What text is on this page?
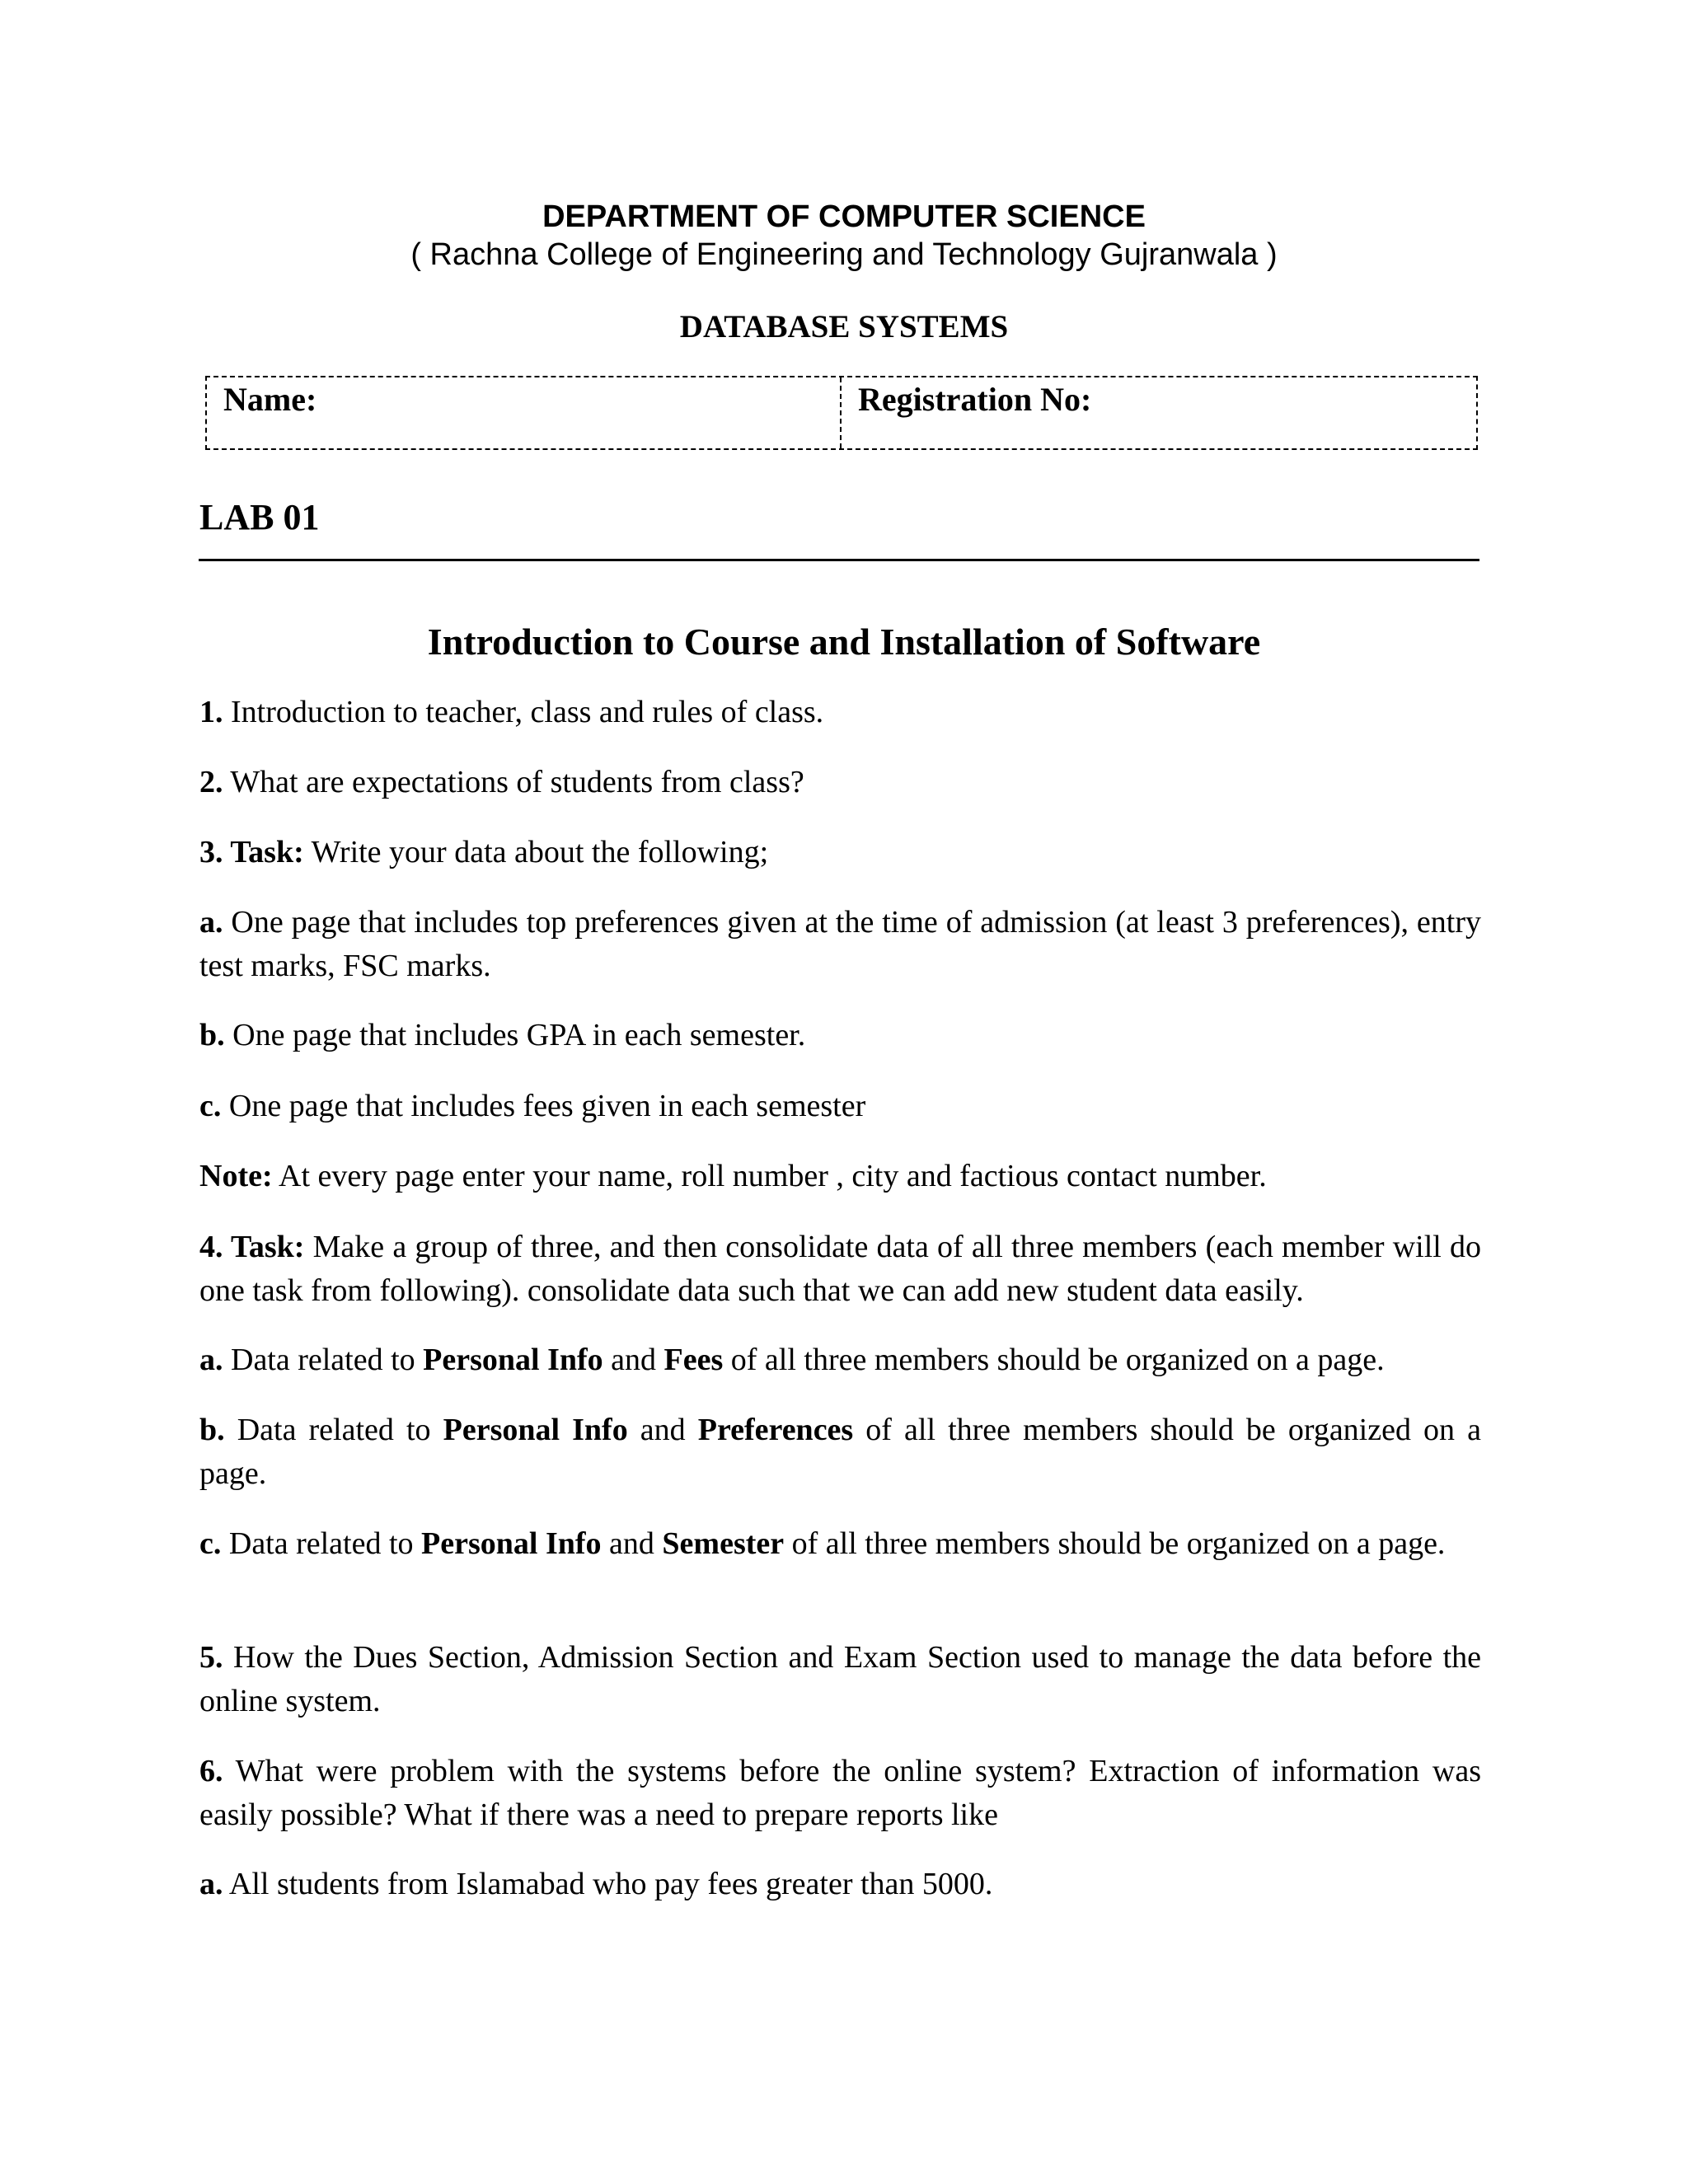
DEPARTMENT OF COMPUTER SCIENCE
( Rachna College of Engineering and Technology Gujranwala )
DATABASE SYSTEMS
Name:	Registration No:
LAB 01
Introduction to Course and Installation of Software

1. Introduction to teacher, class and rules of class.

2. What are expectations of students from class?

3. Task: Write your data about the following;

a. One page that includes top preferences given at the time of admission (at least 3 preferences), entry test marks, FSC marks.

b. One page that includes GPA in each semester.

c. One page that includes fees given in each semester

Note: At every page enter your name, roll number , city and factious contact number.

4. Task: Make a group of three, and then consolidate data of all three members (each member will do one task from following). consolidate data such that we can add new student data easily.

a. Data related to Personal Info and Fees of all three members should be organized on a page.

b. Data related to Personal Info and Preferences of all three members should be organized on a page.

c. Data related to Personal Info and Semester of all three members should be organized on a page.

5. How the Dues Section, Admission Section and Exam Section used to manage the data before the online system.

6. What were problem with the systems before the online system? Extraction of information was easily possible? What if there was a need to prepare reports like

a. All students from Islamabad who pay fees greater than 5000.
